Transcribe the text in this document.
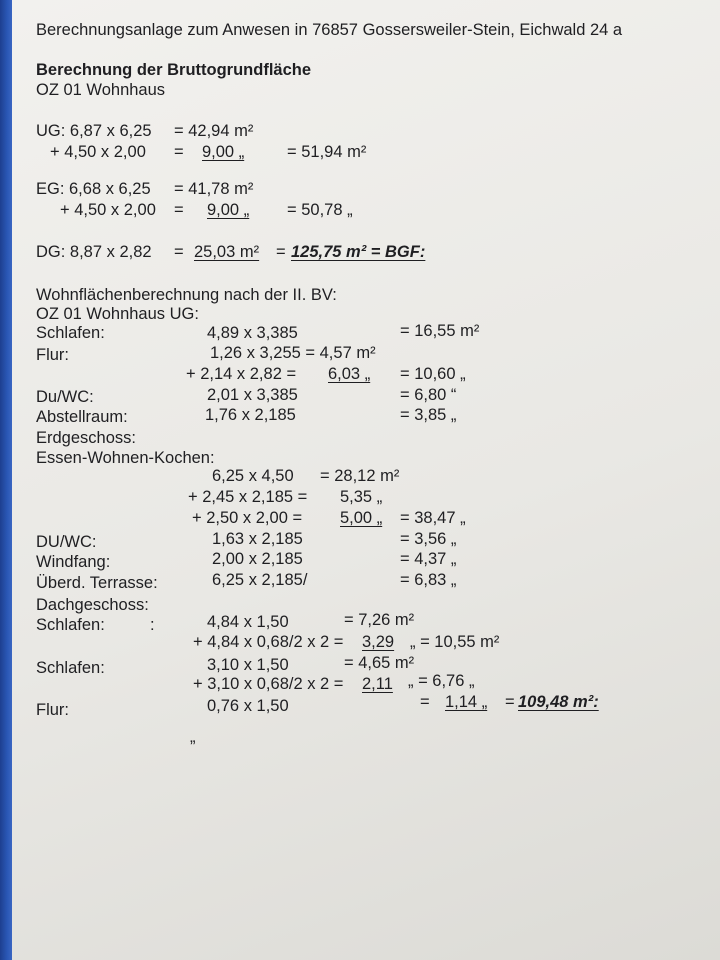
Berechnungsanlage zum Anwesen in 76857 Gossersweiler-Stein, Eichwald 24 a
Berechnung der Bruttogrundfläche
OZ 01 Wohnhaus
UG: 6,87 x 6,25 = 42,94 m²
+ 4,50 x 2,00 = 9,00 „	= 51,94 m²
EG: 6,68 x 6,25 = 41,78 m²
+ 4,50 x 2,00 = 9,00 „ = 50,78 „
DG: 8,87 x 2,82 = 25,03 m² = 125,75 m² = BGF:
Wohnflächenberechnung nach der II. BV:
OZ 01 Wohnhaus UG:
Schlafen:	4,89 x 3,385	= 16,55 m²
Flur:	1,26 x 3,255 = 4,57 m²
+ 2,14 x 2,82 = 6,03 „ = 10,60 „
Du/WC:	2,01 x 3,385	= 6,80 “
Abstellraum:	1,76 x 2,185	= 3,85 „
Erdgeschoss:
Essen-Wohnen-Kochen:
6,25 x 4,50 = 28,12 m²
+ 2,45 x 2,185 = 5,35 „
+ 2,50 x 2,00 = 5,00 „ = 38,47 „
DU/WC:	1,63 x 2,185	= 3,56 „
Windfang:	2,00 x 2,185	= 4,37 „
Überd. Terrasse:	6,25 x 2,185/	= 6,83 „
Dachgeschoss:
Schlafen:	:	4,84 x 1,50	= 7,26 m²
+ 4,84 x 0,68/2 x 2 = 3,29 „ = 10,55 m²
Schlafen:	3,10 x 1,50	= 4,65 m²
+ 3,10 x 0,68/2 x 2 = 2,11 „ = 6,76 „
Flur:	0,76 x 1,50	= 1,14 „ = 109,48 m²:
„
